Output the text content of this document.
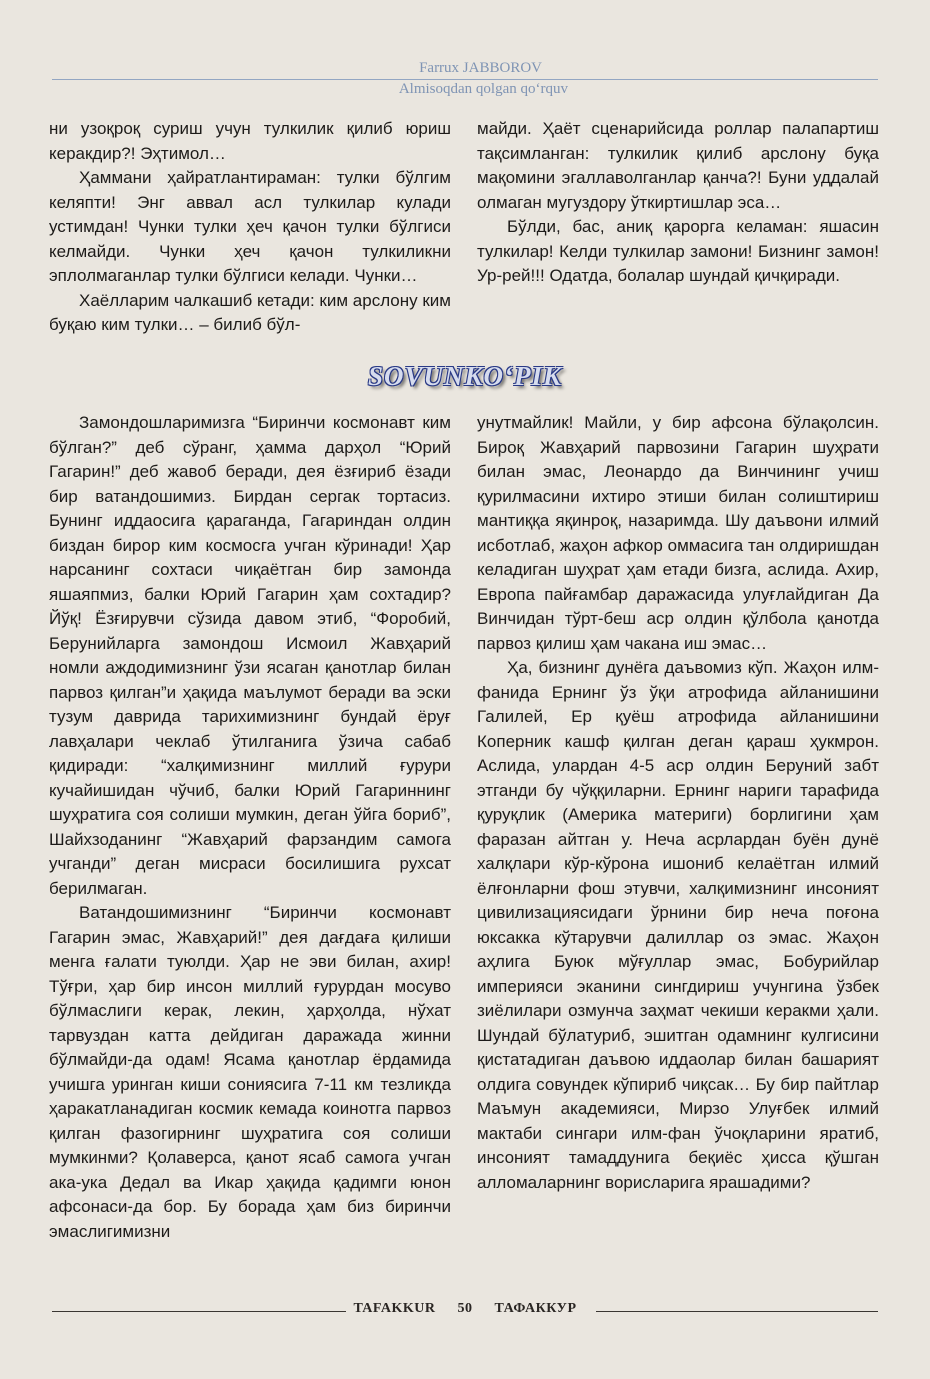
Farrux JABBOROV
Almisoqdan qolgan qo‘rquv

ни узоқроқ суриш учун тулкилик қилиб юриш керакдир?! Эҳтимол…

Ҳаммани ҳайратлантираман: тулки бўлгим келяпти! Энг аввал асл тулкилар кулади устимдан! Чунки тулки ҳеч қачон тулки бўлгиси келмайди. Чунки ҳеч қачон тулкиликни эплолмаганлар тулки бўлгиси келади. Чунки…

Хаёлларим чалкашиб кетади: ким арслону ким буқаю ким тулки… – билиб бўл-

майди. Ҳаёт сценарийсида роллар палапартиш тақсимланган: тулкилик қилиб арслону буқа мақомини эгаллаволганлар қанча?! Буни уддалай олмаган мугуздору ўткиртишлар эса…

Бўлди, бас, аниқ қарорга келаман: яшасин тулкилар! Келди тулкилар замони! Бизнинг замон! Ур-рей!!! Одатда, болалар шундай қичқиради.

SOVUNKO‘PIK

Замондошларимизга “Биринчи космонавт ким бўлган?” деб сўранг, ҳамма дарҳол “Юрий Гагарин!” деб жавоб беради, дея ёзғириб ёзади бир ватандошимиз. Бирдан сергак тортасиз. Бунинг иддаосига қараганда, Гагариндан олдин биздан бирор ким космосга учган кўринади! Ҳар нарсанинг сохтаси чиқаётган бир замонда яшаяпмиз, балки Юрий Гагарин ҳам сохтадир? Йўқ! Ёзғирувчи сўзида давом этиб, “Форобий, Берунийларга замондош Исмоил Жавҳарий номли аждодимизнинг ўзи ясаган қанотлар билан парвоз қилган”и ҳақида маълумот беради ва эски тузум даврида тарихимизнинг бундай ёруғ лавҳалари чеклаб ўтилганига ўзича сабаб қидиради: “халқимизнинг миллий ғурури кучайишидан чўчиб, балки Юрий Гагариннинг шуҳратига соя солиши мумкин, деган ўйга бориб”, Шайхзоданинг “Жавҳарий фарзандим самога учганди” деган мисраси босилишига рухсат берилмаган.

Ватандошимизнинг “Биринчи космонавт Гагарин эмас, Жавҳарий!” дея дағдаға қилиши менга ғалати туюлди. Ҳар не эви билан, ахир! Тўғри, ҳар бир инсон миллий ғурурдан мосуво бўлмаслиги керак, лекин, ҳарҳолда, нўхат тарвуздан катта дейдиган даражада жинни бўлмайди-да одам! Ясама қанотлар ёрдамида учишга уринган киши сониясига 7-11 км тезликда ҳаракатланадиган космик кемада коинотга парвоз қилган фазогирнинг шуҳратига соя солиши мумкинми? Қолаверса, қанот ясаб самога учган ака-ука Дедал ва Икар ҳақида қадимги юнон афсонаси-да бор. Бу борада ҳам биз биринчи эмаслигимизни

унутмайлик! Майли, у бир афсона бўлақолсин. Бироқ Жавҳарий парвозини Гагарин шуҳрати билан эмас, Леонардо да Винчининг учиш қурилмасини ихтиро этиши билан солиштириш мантиққа яқинроқ, назаримда. Шу даъвони илмий исботлаб, жаҳон афкор оммасига тан олдиришдан келадиган шуҳрат ҳам етади бизга, аслида. Ахир, Европа пайғамбар даражасида улуғлайдиган Да Винчидан тўрт-беш аср олдин қўлбола қанотда парвоз қилиш ҳам чакана иш эмас…

Ҳа, бизнинг дунёга даъвомиз кўп. Жаҳон илм-фанида Ернинг ўз ўқи атрофида айланишини Галилей, Ер қуёш атрофида айланишини Коперник кашф қилган деган қараш ҳукмрон. Аслида, улардан 4-5 аср олдин Беруний забт этганди бу чўққиларни. Ернинг нариги тарафида қуруқлик (Америка материги) борлигини ҳам фаразан айтган у. Неча асрлардан буён дунё халқлари кўр-кўрона ишониб келаётган илмий ёлғонларни фош этувчи, халқимизнинг инсоният цивилизациясидаги ўрнини бир неча поғона юксакка кўтарувчи далиллар оз эмас. Жаҳон аҳлига Буюк мўғуллар эмас, Бобурийлар империяси эканини сингдириш учунгина ўзбек зиёлилари озмунча заҳмат чекиши керакми ҳали. Шундай бўлатуриб, эшитган одамнинг кулгисини қистатадиган даъвою иддаолар билан башарият олдига совундек кўпириб чиқсак… Бу бир пайтлар Маъмун академияси, Мирзо Улуғбек илмий мактаби сингари илм-фан ўчоқларини яратиб, инсоният тамаддунига беқиёс ҳисса қўшган алломаларнинг ворисларига ярашадими?

TAFAKKUR 50 ТАФАККУР
